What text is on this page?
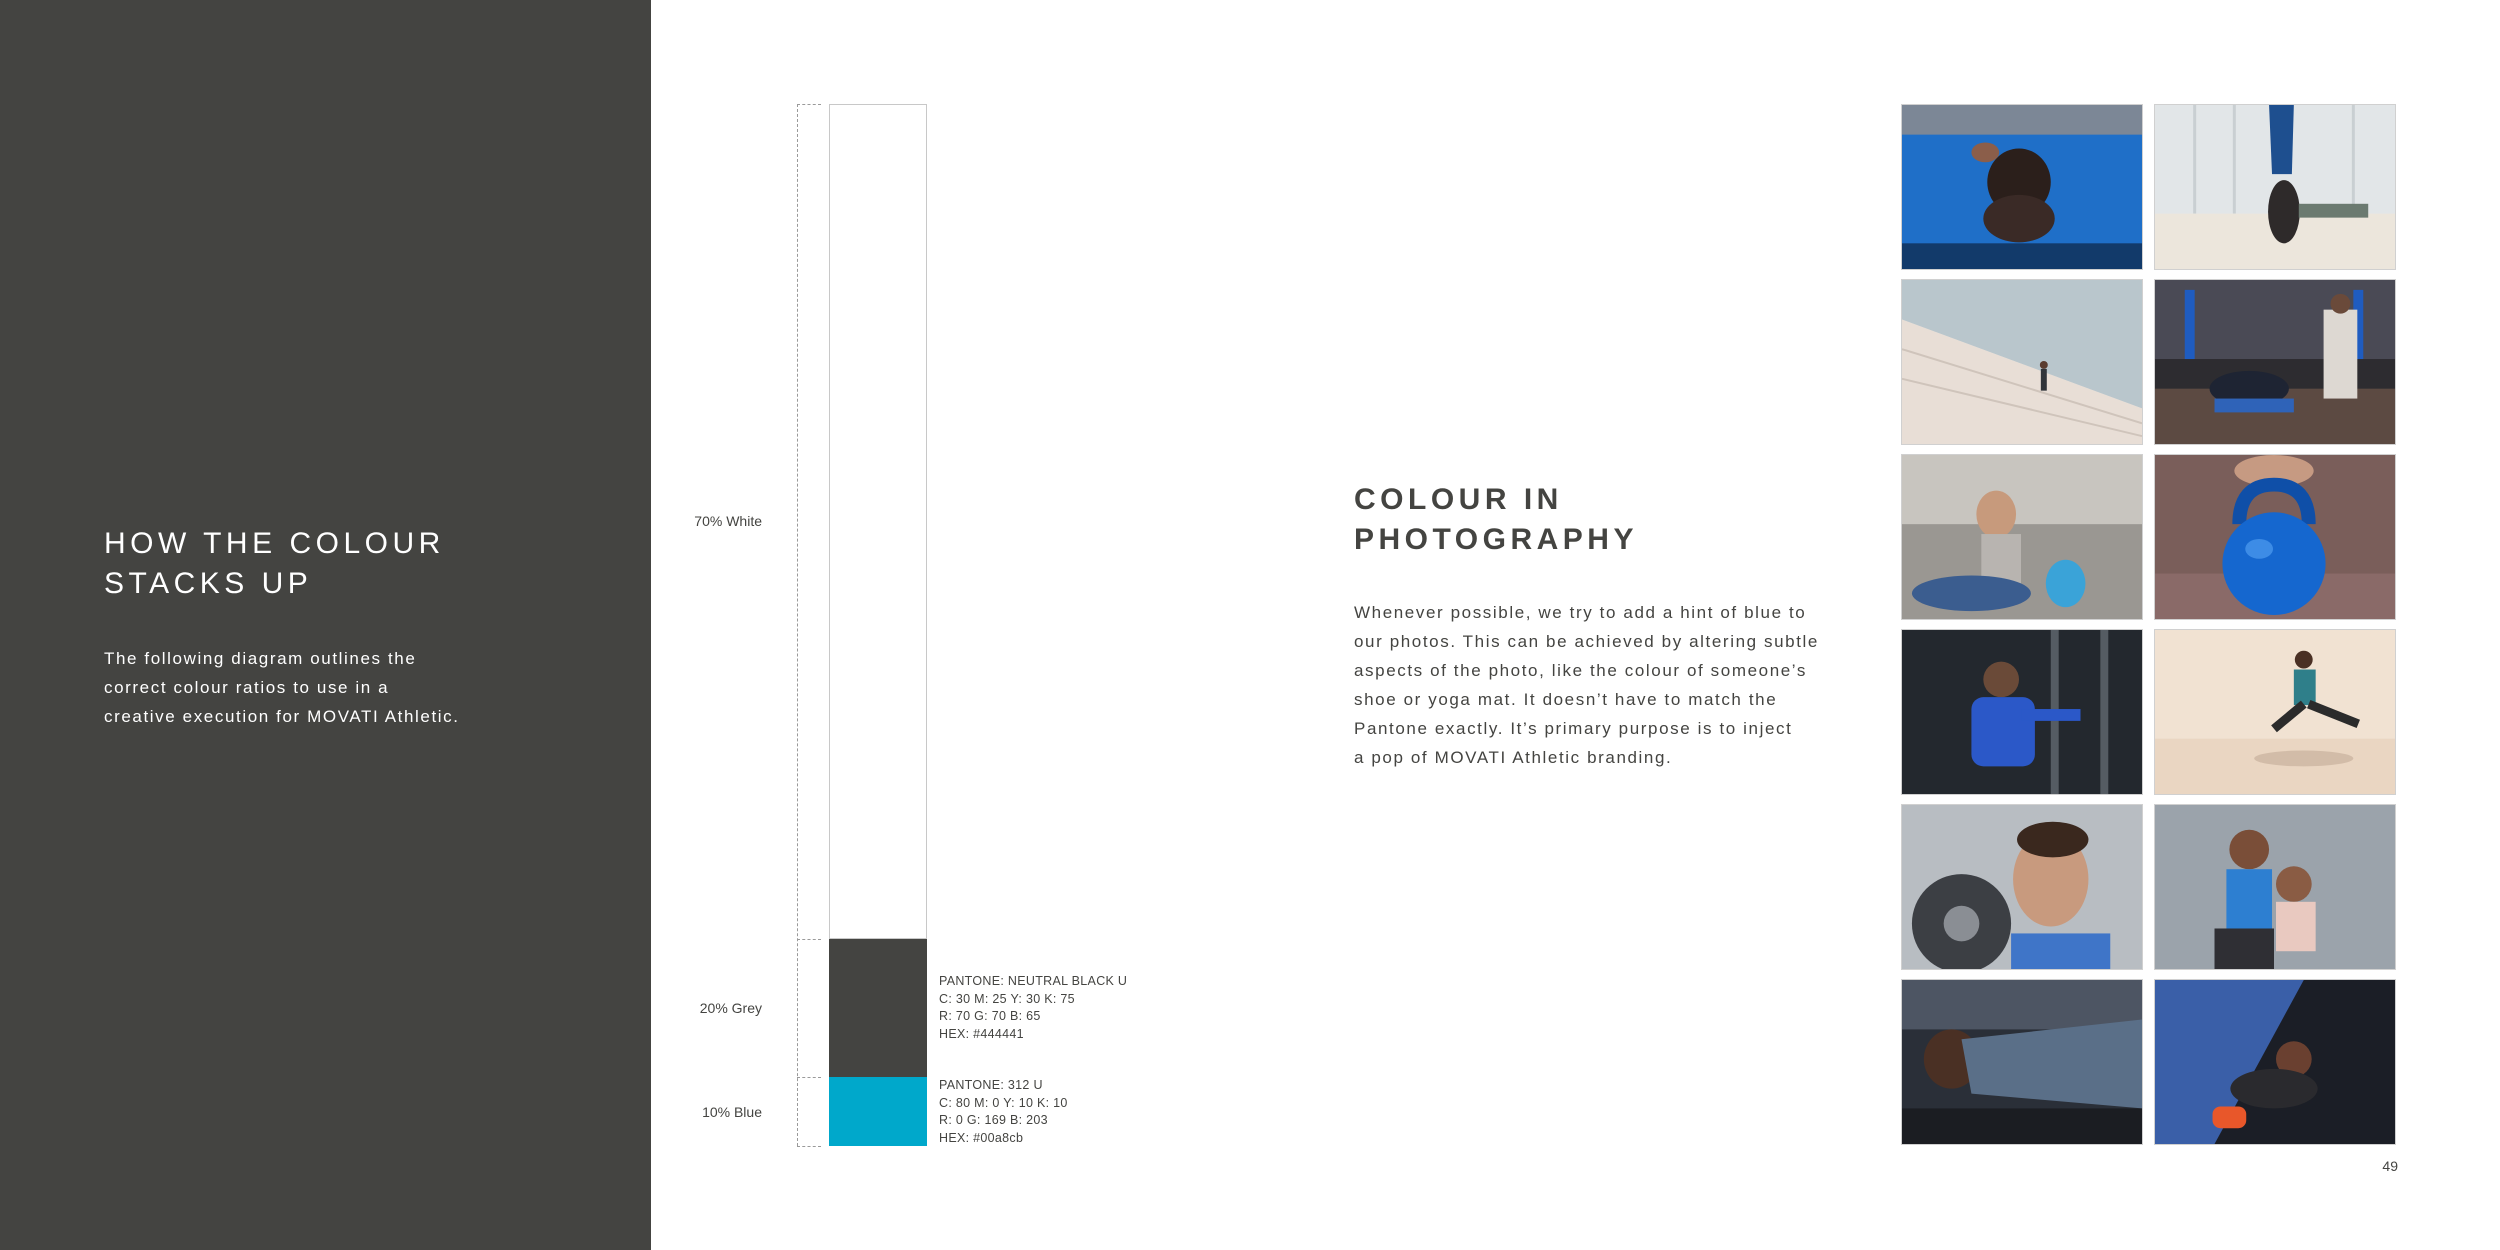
HOW THE COLOUR
STACKS UP
The following diagram outlines the
correct colour ratios to use in a
creative execution for MOVATI Athletic.
70% White
20% Grey
10% Blue
PANTONE: NEUTRAL BLACK U
C: 30 M: 25 Y: 30 K: 75
R: 70 G: 70 B: 65
HEX: #444441
PANTONE: 312 U
C: 80 M: 0 Y: 10 K: 10
R: 0 G: 169 B: 203
HEX: #00a8cb
COLOUR IN
PHOTOGRAPHY
Whenever possible, we try to add a hint of blue to
our photos. This can be achieved by altering subtle
aspects of the photo, like the colour of someone’s
shoe or yoga mat. It doesn’t have to match the
Pantone exactly. It’s primary purpose is to inject
a pop of MOVATI Athletic branding.
49
